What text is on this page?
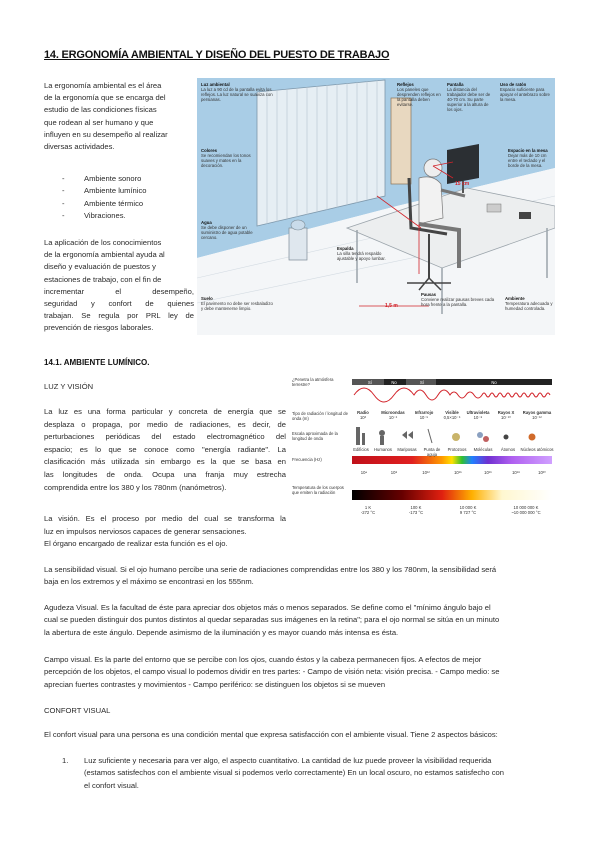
14. ERGONOMÍA AMBIENTAL Y DISEÑO DEL PUESTO DE TRABAJO
La ergonomía ambiental es el área
de la ergonomía que se encarga del
estudio de las condiciones físicas
que rodean al ser humano y que
influyen en su desempeño al realizar
diversas actividades.
-	Ambiente sonoro
-	Ambiente lumínico
-	Ambiente térmico
-	Vibraciones.
La aplicación de los conocimientos
de la ergonomía ambiental ayuda al
diseño y evaluación de puestos y
estaciones de trabajo, con el fin de
incrementar el desempeño,
seguridad y confort de quienes
trabajan. Se regula por PRL ley de
prevención de riesgos laborales.
Luz ambiental
La luz a 90 cd de la pantalla evita los reflejos. La luz natural se suaviza con persianas.
Reflejos
Los paneles que desprenden reflejos en la pantalla deben evitarse.
Pantalla
La distancia del trabajador debe ser de 40-70 cm. Su parte superior a la altura de los ojos.
Uso de ratón
Espacio suficiente para apoyar el antebrazo sobre la mesa.
Colores
Se recomiendan los tonos suaves y mates en la decoración.
Espacio en la mesa
Dejar más de 10 cm entre el teclado y el borde de la mesa.
Agua
Se debe disponer de un suministro de agua potable cercano.
Espalda
La silla tendrá respaldo ajustable y apoyo lumbar.
Suelo
El pavimento no debe ser resbaladizo y debe mantenerse limpio.
Pausas
Conviene realizar pausas breves cada hora frente a la pantalla.
Ambiente
Temperatura adecuada y humedad controlada.
15 cm
1,5 m
14.1. AMBIENTE LUMÍNICO.
LUZ Y VISIÓN
La luz es una forma particular y concreta de energía que se
desplaza o propaga, por medio de radiaciones, es decir, de
perturbaciones periódicas del estado electromagnético del
espacio; es lo que se conoce como "energía radiante". La
clasificación más utilizada sin embargo es la que se basa en
las longitudes de onda. Ocupa una franja muy estrecha
comprendida entre los 380 y los 780nm (nanómetros).
La visión. Es el proceso por medio del cual se transforma la
luz en impulsos nerviosos capaces de generar sensaciones.
El órgano encargado de realizar esta función es el ojo.
¿Penetra la atmósfera terrestre?	Sí	No	Sí	No
Tipo de radiación / longitud de onda (m)
Radio
10³
Microondas
10⁻²
Infrarrojo
10⁻⁵
Visible
0,5×10⁻⁶
Ultravioleta
10⁻⁸
Rayos X
10⁻¹⁰
Rayos gamma
10⁻¹²
Escala aproximada de la longitud de onda
Edificios	Humanos	Mariposas	Punta de aguja
Protozoos	Moléculas	Átomos	Núcleos atómicos
Frecuencia (Hz)
10⁴	10⁸	10¹²	10¹⁵	10¹⁶	10¹⁸	10²⁰
Temperatura de los cuerpos que emiten la radiación
1 K
-272 °C
100 K
-173 °C
10 000 K
9 727 °C
10 000 000 K
~10 000 000 °C
La sensibilidad visual. Si el ojo humano percibe una serie de radiaciones comprendidas entre los 380 y los 780nm, la sensibilidad será
baja en los extremos y el máximo se encontrasi en los 555nm.
Agudeza Visual. Es la facultad de éste para apreciar dos objetos más o menos separados. Se define como el "mínimo ángulo bajo el
cual se pueden distinguir dos puntos distintos al quedar separadas sus imágenes en la retina"; para el ojo normal se sitúa en un minuto
la abertura de este ángulo. Depende asimismo de la iluminación y es mayor cuando más intensa es ésta.
Campo visual. Es la parte del entorno que se percibe con los ojos, cuando éstos y la cabeza permanecen fijos. A efectos de mejor
percepción de los objetos, el campo visual lo podemos dividir en tres partes: - Campo de visión neta: visión precisa. - Campo medio: se
aprecian fuertes contrastes y movimientos - Campo periférico: se distinguen los objetos si se mueven
CONFORT VISUAL
El confort visual para una persona es una condición mental que expresa satisfacción con el ambiente visual. Tiene 2 aspectos básicos:
1. Luz suficiente y necesaria para ver algo, el aspecto cuantitativo. La cantidad de luz puede proveer la visibilidad requerida
(estamos satisfechos con el ambiente visual si podemos verlo correctamente) En un local oscuro, no estamos satisfecho con
el confort visual.
